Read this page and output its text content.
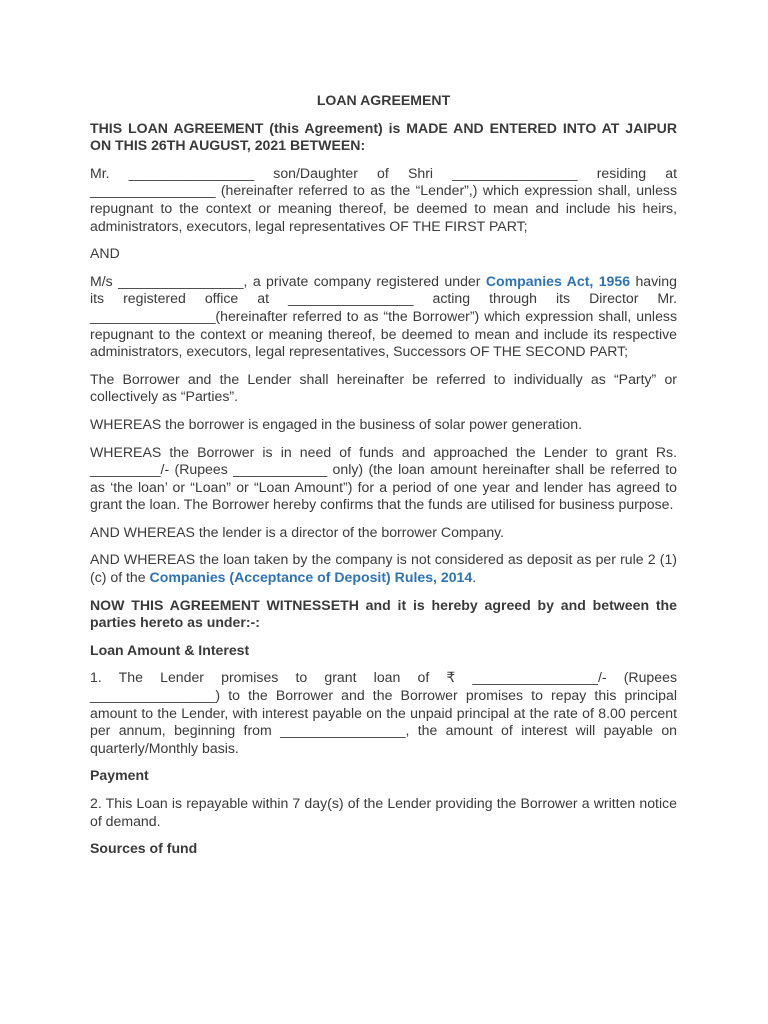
LOAN AGREEMENT

THIS LOAN AGREEMENT (this Agreement) is MADE AND ENTERED INTO AT JAIPUR ON THIS 26TH AUGUST, 2021 BETWEEN:

Mr. ________________ son/Daughter of Shri ________________ residing at ________________ (hereinafter referred to as the “Lender”,) which expression shall, unless repugnant to the context or meaning thereof, be deemed to mean and include his heirs, administrators, executors, legal representatives OF THE FIRST PART;

AND

M/s ________________, a private company registered under Companies Act, 1956 having its registered office at ________________ acting through its Director Mr. ________________(hereinafter referred to as “the Borrower”) which expression shall, unless repugnant to the context or meaning thereof, be deemed to mean and include its respective administrators, executors, legal representatives, Successors OF THE SECOND PART;

The Borrower and the Lender shall hereinafter be referred to individually as “Party” or collectively as “Parties”.

WHEREAS the borrower is engaged in the business of solar power generation.

WHEREAS the Borrower is in need of funds and approached the Lender to grant Rs. _________/- (Rupees ____________ only) (the loan amount hereinafter shall be referred to as ‘the loan’ or “Loan” or “Loan Amount”) for a period of one year and lender has agreed to grant the loan. The Borrower hereby confirms that the funds are utilised for business purpose.

AND WHEREAS the lender is a director of the borrower Company.

AND WHEREAS the loan taken by the company is not considered as deposit as per rule 2 (1) (c) of the Companies (Acceptance of Deposit) Rules, 2014.

NOW THIS AGREEMENT WITNESSETH and it is hereby agreed by and between the parties hereto as under:-:

Loan Amount & Interest

1. The Lender promises to grant loan of ₹ ________________/- (Rupees ________________) to the Borrower and the Borrower promises to repay this principal amount to the Lender, with interest payable on the unpaid principal at the rate of 8.00 percent per annum, beginning from ________________, the amount of interest will payable on quarterly/Monthly basis.

Payment

2. This Loan is repayable within 7 day(s) of the Lender providing the Borrower a written notice of demand.

Sources of fund
